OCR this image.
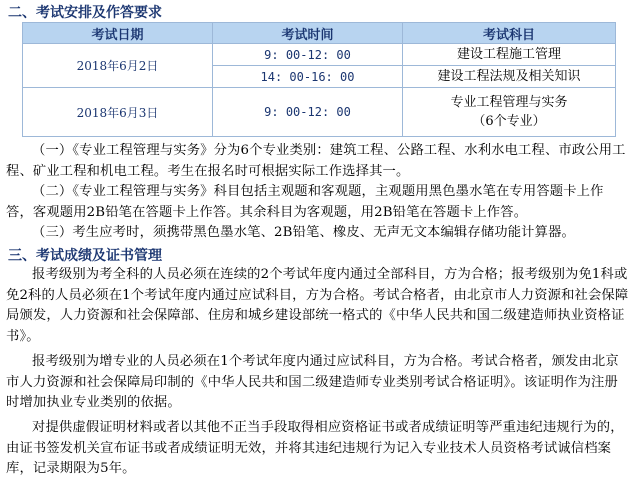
二、考试安排及作答要求
考试日期	考试时间	考试科目
2018年6月2日	9: 00-12: 00	建设工程施工管理
	14: 00-16: 00	建设工程法规及相关知识
2018年6月3日	9: 00-12: 00	专业工程管理与实务
（6个专业）

（一）《专业工程管理与实务》分为6个专业类别：建筑工程、公路工程、水利水电工程、市政公用工程、矿业工程和机电工程。考生在报名时可根据实际工作选择其一。

（二）《专业工程管理与实务》科目包括主观题和客观题，主观题用黑色墨水笔在专用答题卡上作答，客观题用2B铅笔在答题卡上作答。其余科目为客观题，用2B铅笔在答题卡上作答。

（三）考生应考时，须携带黑色墨水笔、2B铅笔、橡皮、无声无文本编辑存储功能计算器。

三、考试成绩及证书管理

报考级别为考全科的人员必须在连续的2个考试年度内通过全部科目，方为合格；报考级别为免1科或免2科的人员必须在1个考试年度内通过应试科目，方为合格。考试合格者，由北京市人力资源和社会保障局颁发，人力资源和社会保障部、住房和城乡建设部统一格式的《中华人民共和国二级建造师执业资格证书》。

报考级别为增专业的人员必须在1个考试年度内通过应试科目，方为合格。考试合格者，颁发由北京市人力资源和社会保障局印制的《中华人民共和国二级建造师专业类别考试合格证明》。该证明作为注册时增加执业专业类别的依据。

对提供虚假证明材料或者以其他不正当手段取得相应资格证书或者成绩证明等严重违纪违规行为的，由证书签发机关宣布证书或者成绩证明无效，并将其违纪违规行为记入专业技术人员资格考试诚信档案库，记录期限为5年。
